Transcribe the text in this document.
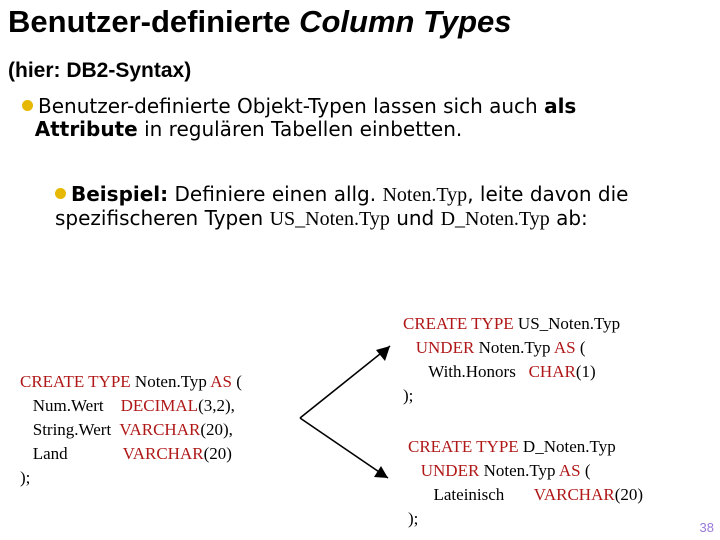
Benutzer-definierte Column Types
(hier: DB2-Syntax)
Benutzer-definierte Objekt-Typen lassen sich auch als
Attribute in regulären Tabellen einbetten.
Beispiel: Definiere einen allg. Noten.Typ, leite davon die
spezifischeren Typen US_Noten.Typ und D_Noten.Typ ab:
CREATE TYPE Noten.Typ AS (
Num.Wert DECIMAL(3,2),
String.Wert VARCHAR(20),
Land	VARCHAR(20)
);
CREATE TYPE US_Noten.Typ
UNDER Noten.Typ AS (
With.Honors CHAR(1)
);
CREATE TYPE D_Noten.Typ
UNDER Noten.Typ AS (
Lateinisch VARCHAR(20)
);	38
